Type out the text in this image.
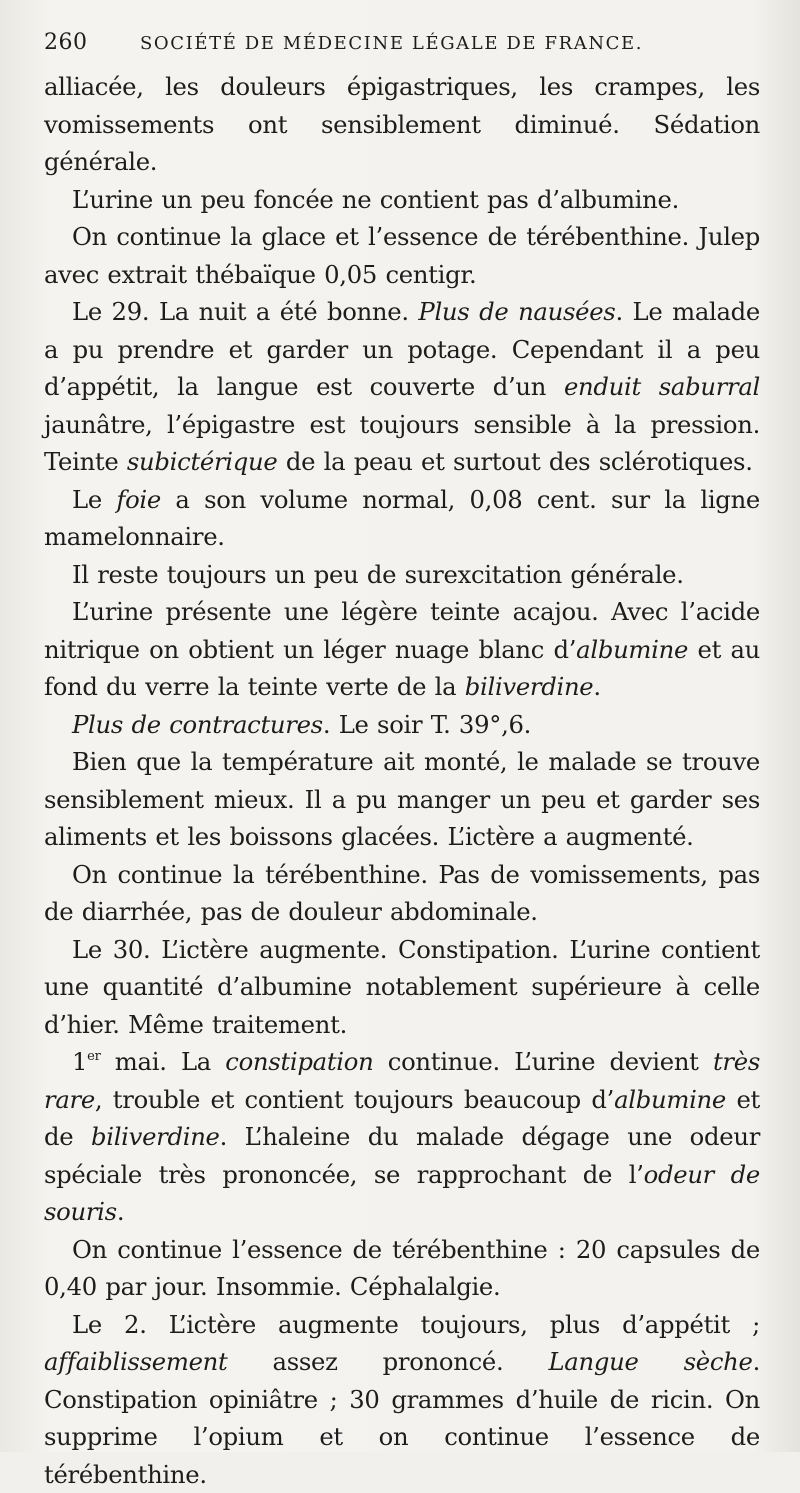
260	SOCIÉTÉ DE MÉDECINE LÉGALE DE FRANCE.

alliacée, les douleurs épigastriques, les crampes, les vomissements ont sensiblement diminué. Sédation générale.

L’urine un peu foncée ne contient pas d’albumine.

On continue la glace et l’essence de térébenthine. Julep avec extrait thébaïque 0,05 centigr.

Le 29. La nuit a été bonne. Plus de nausées. Le malade a pu prendre et garder un potage. Cependant il a peu d’appétit, la langue est couverte d’un enduit saburral jaunâtre, l’épigastre est toujours sensible à la pression. Teinte subictérique de la peau et surtout des sclérotiques.

Le foie a son volume normal, 0,08 cent. sur la ligne mamelonnaire.

Il reste toujours un peu de surexcitation générale.

L’urine présente une légère teinte acajou. Avec l’acide nitrique on obtient un léger nuage blanc d’albumine et au fond du verre la teinte verte de la biliverdine.

Plus de contractures. Le soir T. 39°,6.

Bien que la température ait monté, le malade se trouve sensiblement mieux. Il a pu manger un peu et garder ses aliments et les boissons glacées. L’ictère a augmenté.

On continue la térébenthine. Pas de vomissements, pas de diarrhée, pas de douleur abdominale.

Le 30. L’ictère augmente. Constipation. L’urine contient une quantité d’albumine notablement supérieure à celle d’hier. Même traitement.

1er mai. La constipation continue. L’urine devient très rare, trouble et contient toujours beaucoup d’albumine et de biliverdine. L’haleine du malade dégage une odeur spéciale très prononcée, se rapprochant de l’odeur de souris.

On continue l’essence de térébenthine : 20 capsules de 0,40 par jour. Insommie. Céphalalgie.

Le 2. L’ictère augmente toujours, plus d’appétit ; affaiblissement assez prononcé. Langue sèche. Constipation opiniâtre ; 30 grammes d’huile de ricin. On supprime l’opium et on continue l’essence de térébenthine.
